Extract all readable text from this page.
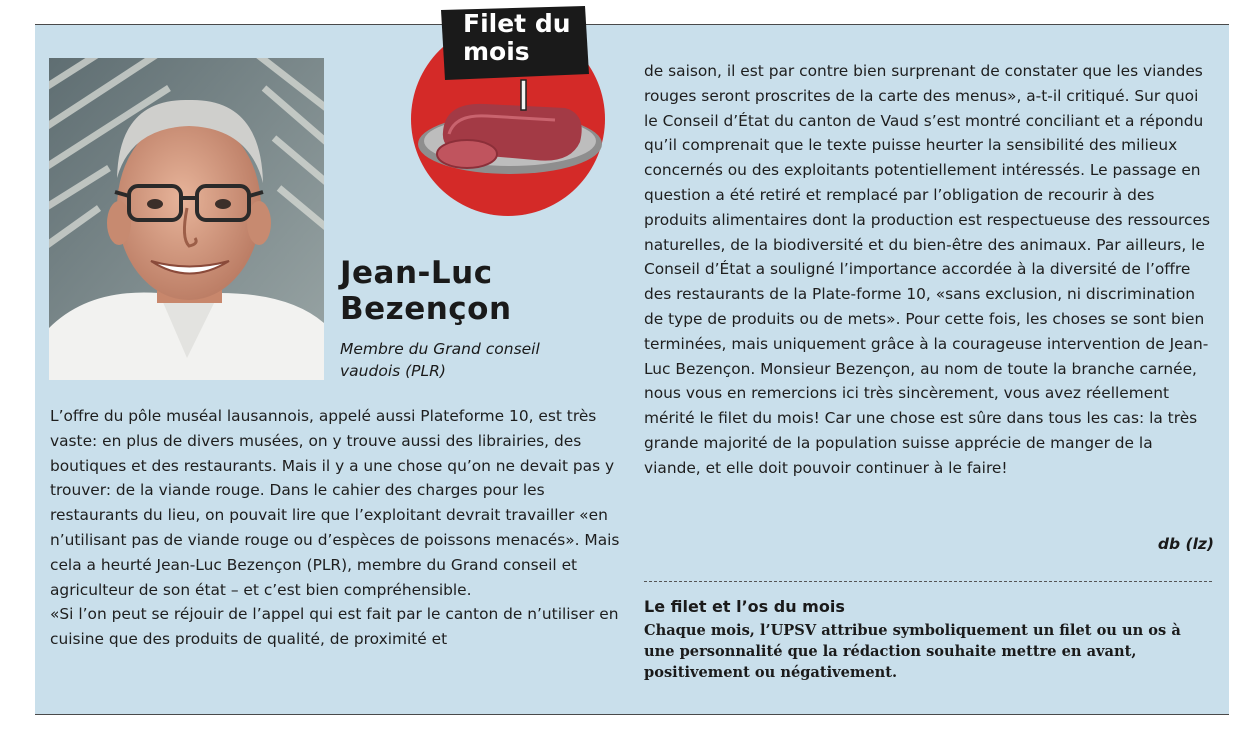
Filet du mois
Jean-Luc
Bezençon
Membre du Grand conseil vaudois (PLR)

L’offre du pôle muséal lausannois, appelé aussi Plateforme 10, est très vaste: en plus de divers musées, on y trouve aussi des librairies, des boutiques et des restaurants. Mais il y a une chose qu’on ne devait pas y trouver: de la viande rouge. Dans le cahier des charges pour les restaurants du lieu, on pouvait lire que l’exploitant devrait travailler «en n’utilisant pas de viande rouge ou d’espèces de poissons menacés». Mais cela a heurté Jean-Luc Bezençon (PLR), membre du Grand conseil et agriculteur de son état – et c’est bien compréhensible.

«Si l’on peut se réjouir de l’appel qui est fait par le canton de n’utiliser en cuisine que des produits de qualité, de proximité et

de saison, il est par contre bien surprenant de constater que les viandes rouges seront proscrites de la carte des menus», a-t-il critiqué. Sur quoi le Conseil d’État du canton de Vaud s’est montré conciliant et a répondu qu’il comprenait que le texte puisse heurter la sensibilité des milieux concernés ou des exploitants potentiellement intéressés. Le passage en question a été retiré et remplacé par l’obligation de recourir à des produits alimentaires dont la production est respectueuse des ressources naturelles, de la biodiversité et du bien-être des animaux. Par ailleurs, le Conseil d’État a souligné l’importance accordée à la diversité de l’offre des restaurants de la Plate-forme 10, «sans exclusion, ni discrimination de type de produits ou de mets». Pour cette fois, les choses se sont bien terminées, mais uniquement grâce à la courageuse intervention de Jean-Luc Bezençon. Monsieur Bezençon, au nom de toute la branche carnée, nous vous en remercions ici très sincèrement, vous avez réellement mérité le filet du mois! Car une chose est sûre dans tous les cas: la très grande majorité de la population suisse apprécie de manger de la viande, et elle doit pouvoir continuer à le faire!

db (lz)
Le filet et l’os du mois
Chaque mois, l’UPSV attribue symboliquement un filet ou un os à une personnalité que la rédaction souhaite mettre en avant, positivement ou négativement.
